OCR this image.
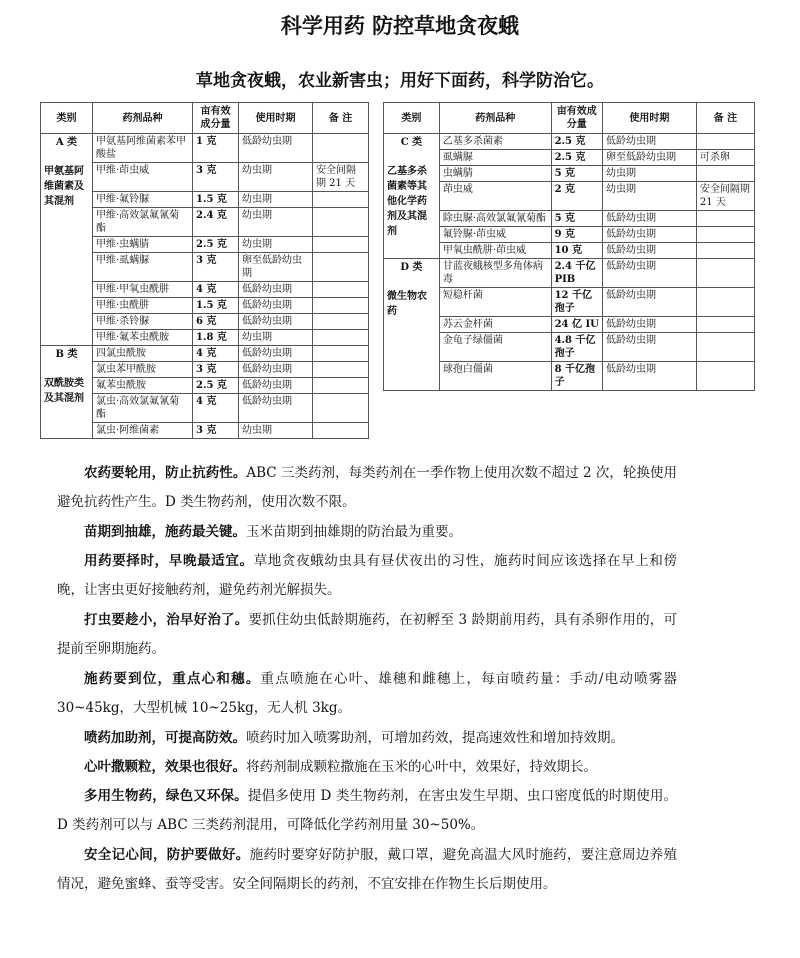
科学用药 防控草地贪夜蛾
草地贪夜蛾，农业新害虫；用好下面药，科学防治它。
类别	药剂品种	亩有效成分量	使用时期	备 注

A 类
甲氨基阿维菌素及其混剂	甲氨基阿维菌素苯甲酸盐	1 克	低龄幼虫期	
	甲维·茚虫威	3 克	幼虫期	安全间隔期 21 天
	甲维·氟铃脲	1.5 克	幼虫期	
	甲维·高效氯氟氰菊酯	2.4 克	幼虫期	
	甲维·虫螨腈	2.5 克	幼虫期	
	甲维·虱螨脲	3 克	卵至低龄幼虫期	
	甲维·甲氧虫酰肼	4 克	低龄幼虫期	
	甲维·虫酰肼	1.5 克	低龄幼虫期	
	甲维·杀铃脲	6 克	低龄幼虫期	
	甲维·氟苯虫酰胺	1.8 克	幼虫期	

B 类
双酰胺类及其混剂	四氯虫酰胺	4 克	低龄幼虫期	
	氯虫苯甲酰胺	3 克	低龄幼虫期	
	氟苯虫酰胺	2.5 克	低龄幼虫期	
	氯虫·高效氯氟氰菊酯	4 克	低龄幼虫期	
	氯虫·阿维菌素	3 克	幼虫期	
类别	药剂品种	亩有效成分量	使用时期	备 注

C 类
乙基多杀菌素等其他化学药剂及其混剂	乙基多杀菌素	2.5 克	低龄幼虫期	
	虱螨脲	2.5 克	卵至低龄幼虫期	可杀卵
	虫螨腈	5 克	幼虫期	
	茚虫威	2 克	幼虫期	安全间隔期 21 天
	除虫脲·高效氯氟氰菊酯	5 克	低龄幼虫期	
	氟铃脲·茚虫威	9 克	低龄幼虫期	
	甲氧虫酰肼·茚虫威	10 克	低龄幼虫期	

D 类
微生物农药	甘蓝夜蛾核型多角体病毒	2.4 千亿 PIB	低龄幼虫期	
	短稳杆菌	12 千亿孢子	低龄幼虫期	
	苏云金杆菌	24 亿 IU	低龄幼虫期	
	金龟子绿僵菌	4.8 千亿孢子	低龄幼虫期	
	球孢白僵菌	8 千亿孢子	低龄幼虫期	
农药要轮用，防止抗药性。ABC 三类药剂，每类药剂在一季作物上使用次数不超过 2 次，轮换使用避免抗药性产生。D 类生物药剂，使用次数不限。
苗期到抽雄，施药最关键。玉米苗期到抽雄期的防治最为重要。
用药要择时，早晚最适宜。草地贪夜蛾幼虫具有昼伏夜出的习性，施药时间应该选择在早上和傍晚，让害虫更好接触药剂，避免药剂光解损失。
打虫要趁小，治早好治了。要抓住幼虫低龄期施药，在初孵至 3 龄期前用药，具有杀卵作用的，可提前至卵期施药。
施药要到位，重点心和穗。重点喷施在心叶、雄穗和雌穗上，每亩喷药量：手动/电动喷雾器 30~45kg，大型机械 10~25kg，无人机 3kg。
喷药加助剂，可提高防效。喷药时加入喷雾助剂，可增加药效，提高速效性和增加持效期。
心叶撒颗粒，效果也很好。将药剂制成颗粒撒施在玉米的心叶中，效果好，持效期长。
多用生物药，绿色又环保。提倡多使用 D 类生物药剂，在害虫发生早期、虫口密度低的时期使用。D 类药剂可以与 ABC 三类药剂混用，可降低化学药剂用量 30~50%。
安全记心间，防护要做好。施药时要穿好防护服，戴口罩，避免高温大风时施药，要注意周边养殖情况，避免蜜蜂、蚕等受害。安全间隔期长的药剂，不宜安排在作物生长后期使用。
